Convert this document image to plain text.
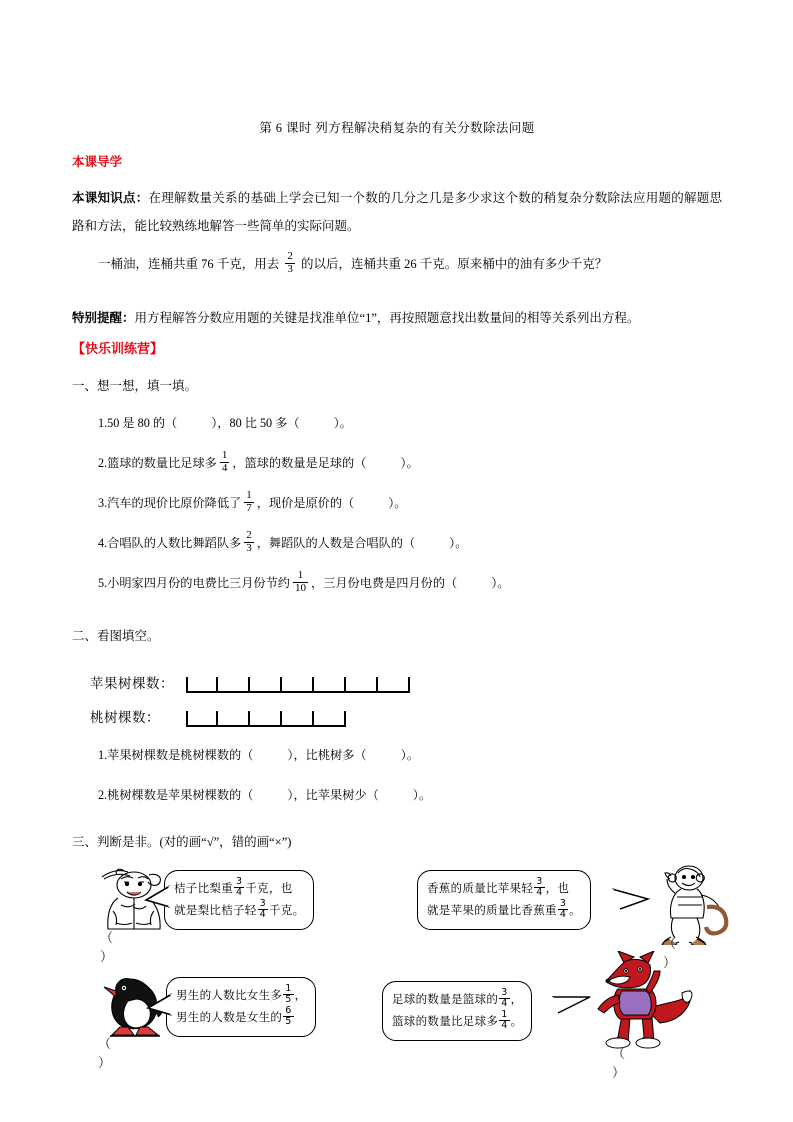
第 6 课时 列方程解决稍复杂的有关分数除法问题
本课导学
本课知识点：在理解数量关系的基础上学会已知一个数的几分之几是多少求这个数的稍复杂分数除法应用题的解题思路和方法，能比较熟练地解答一些简单的实际问题。
一桶油，连桶共重 76 千克，用去 $\frac{2}{3}$ 的以后，连桶共重 26 千克。原来桶中的油有多少千克？
特别提醒：用方程解答分数应用题的关键是找准单位“1”，再按照题意找出数量间的相等关系列出方程。
【快乐训练营】
一、想一想，填一填。
1.50 是 80 的（	），80 比 50 多（	）。
2.篮球的数量比足球多 $\frac{1}{4}$ ，篮球的数量是足球的（	）。
3.汽车的现价比原价降低了 $\frac{1}{7}$ ，现价是原价的（	）。
4.合唱队的人数比舞蹈队多 $\frac{2}{3}$ ，舞蹈队的人数是合唱队的（	）。
5.小明家四月份的电费比三月份节约 $\frac{1}{10}$ ，三月份电费是四月份的（	）。
二、看图填空。
苹果树棵数：
桃树棵数：
1.苹果树棵数是桃树棵数的（	），比桃树多（	）。
2.桃树棵数是苹果树棵数的（	），比苹果树少（	）。
三、判断是非。(对的画“√”，错的画“×”)
（ ）
桔子比梨重 $\frac{3}{4}$ 千克，也
就是梨比桔子轻 $\frac{3}{4}$ 千克。
香蕉的质量比苹果轻 $\frac{3}{4}$ ，也
就是苹果的质量比香蕉重 $\frac{3}{4}$ 。
（ ）
（ ）
男生的人数比女生多 $\frac{1}{5}$ ，
男生的人数是女生的 $\frac{6}{5}$
足球的数量是篮球的 $\frac{3}{4}$ ，
篮球的数量比足球多 $\frac{1}{4}$ 。
（ ）
